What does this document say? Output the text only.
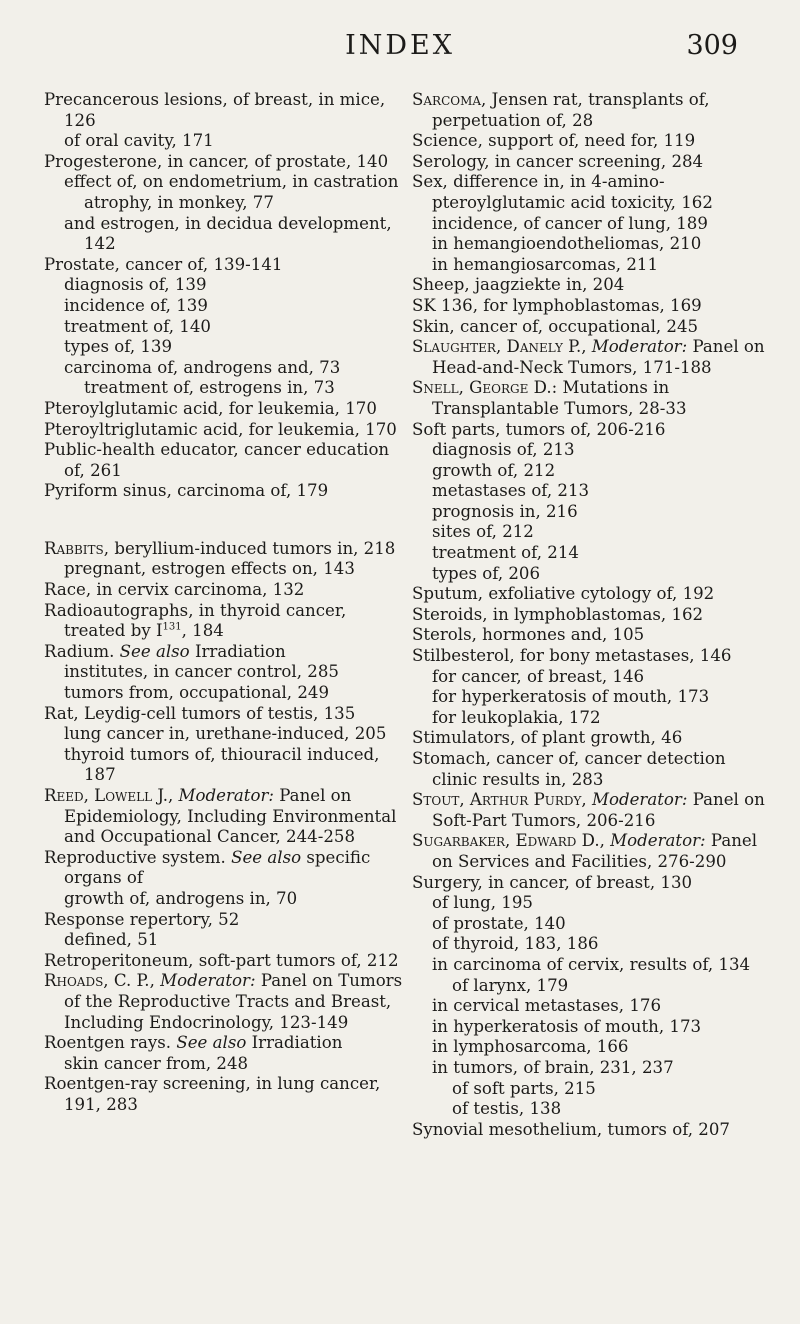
INDEX	309
Precancerous lesions, of breast, in mice, 126
of oral cavity, 171
Progesterone, in cancer, of prostate, 140
effect of, on endometrium, in castration atrophy, in monkey, 77
and estrogen, in decidua development, 142
Prostate, cancer of, 139-141
diagnosis of, 139
incidence of, 139
treatment of, 140
types of, 139
carcinoma of, androgens and, 73
treatment of, estrogens in, 73
Pteroylglutamic acid, for leukemia, 170
Pteroyltriglutamic acid, for leukemia, 170
Public-health educator, cancer education of, 261
Pyriform sinus, carcinoma of, 179
Rabbits, beryllium-induced tumors in, 218
pregnant, estrogen effects on, 143
Race, in cervix carcinoma, 132
Radioautographs, in thyroid cancer, treated by $I^{131}$, 184
Radium. See also Irradiation
institutes, in cancer control, 285
tumors from, occupational, 249
Rat, Leydig-cell tumors of testis, 135
lung cancer in, urethane-induced, 205
thyroid tumors of, thiouracil induced, 187
Reed, Lowell J., Moderator: Panel on Epidemiology, Including Environmental and Occupational Cancer, 244-258
Reproductive system. See also specific organs of
growth of, androgens in, 70
Response repertory, 52
defined, 51
Retroperitoneum, soft-part tumors of, 212
Rhoads, C. P., Moderator: Panel on Tumors of the Reproductive Tracts and Breast, Including Endocrinology, 123-149
Roentgen rays. See also Irradiation
skin cancer from, 248
Roentgen-ray screening, in lung cancer, 191, 283
Sarcoma, Jensen rat, transplants of, perpetuation of, 28
Science, support of, need for, 119
Serology, in cancer screening, 284
Sex, difference in, in 4-amino-pteroylglutamic acid toxicity, 162
incidence, of cancer of lung, 189
in hemangioendotheliomas, 210
in hemangiosarcomas, 211
Sheep, jaagziekte in, 204
SK 136, for lymphoblastomas, 169
Skin, cancer of, occupational, 245
Slaughter, Danely P., Moderator: Panel on Head-and-Neck Tumors, 171-188
Snell, George D.: Mutations in Transplantable Tumors, 28-33
Soft parts, tumors of, 206-216
diagnosis of, 213
growth of, 212
metastases of, 213
prognosis in, 216
sites of, 212
treatment of, 214
types of, 206
Sputum, exfoliative cytology of, 192
Steroids, in lymphoblastomas, 162
Sterols, hormones and, 105
Stilbesterol, for bony metastases, 146
for cancer, of breast, 146
for hyperkeratosis of mouth, 173
for leukoplakia, 172
Stimulators, of plant growth, 46
Stomach, cancer of, cancer detection clinic results in, 283
Stout, Arthur Purdy, Moderator: Panel on Soft-Part Tumors, 206-216
Sugarbaker, Edward D., Moderator: Panel on Services and Facilities, 276-290
Surgery, in cancer, of breast, 130
of lung, 195
of prostate, 140
of thyroid, 183, 186
in carcinoma of cervix, results of, 134
of larynx, 179
in cervical metastases, 176
in hyperkeratosis of mouth, 173
in lymphosarcoma, 166
in tumors, of brain, 231, 237
of soft parts, 215
of testis, 138
Synovial mesothelium, tumors of, 207
